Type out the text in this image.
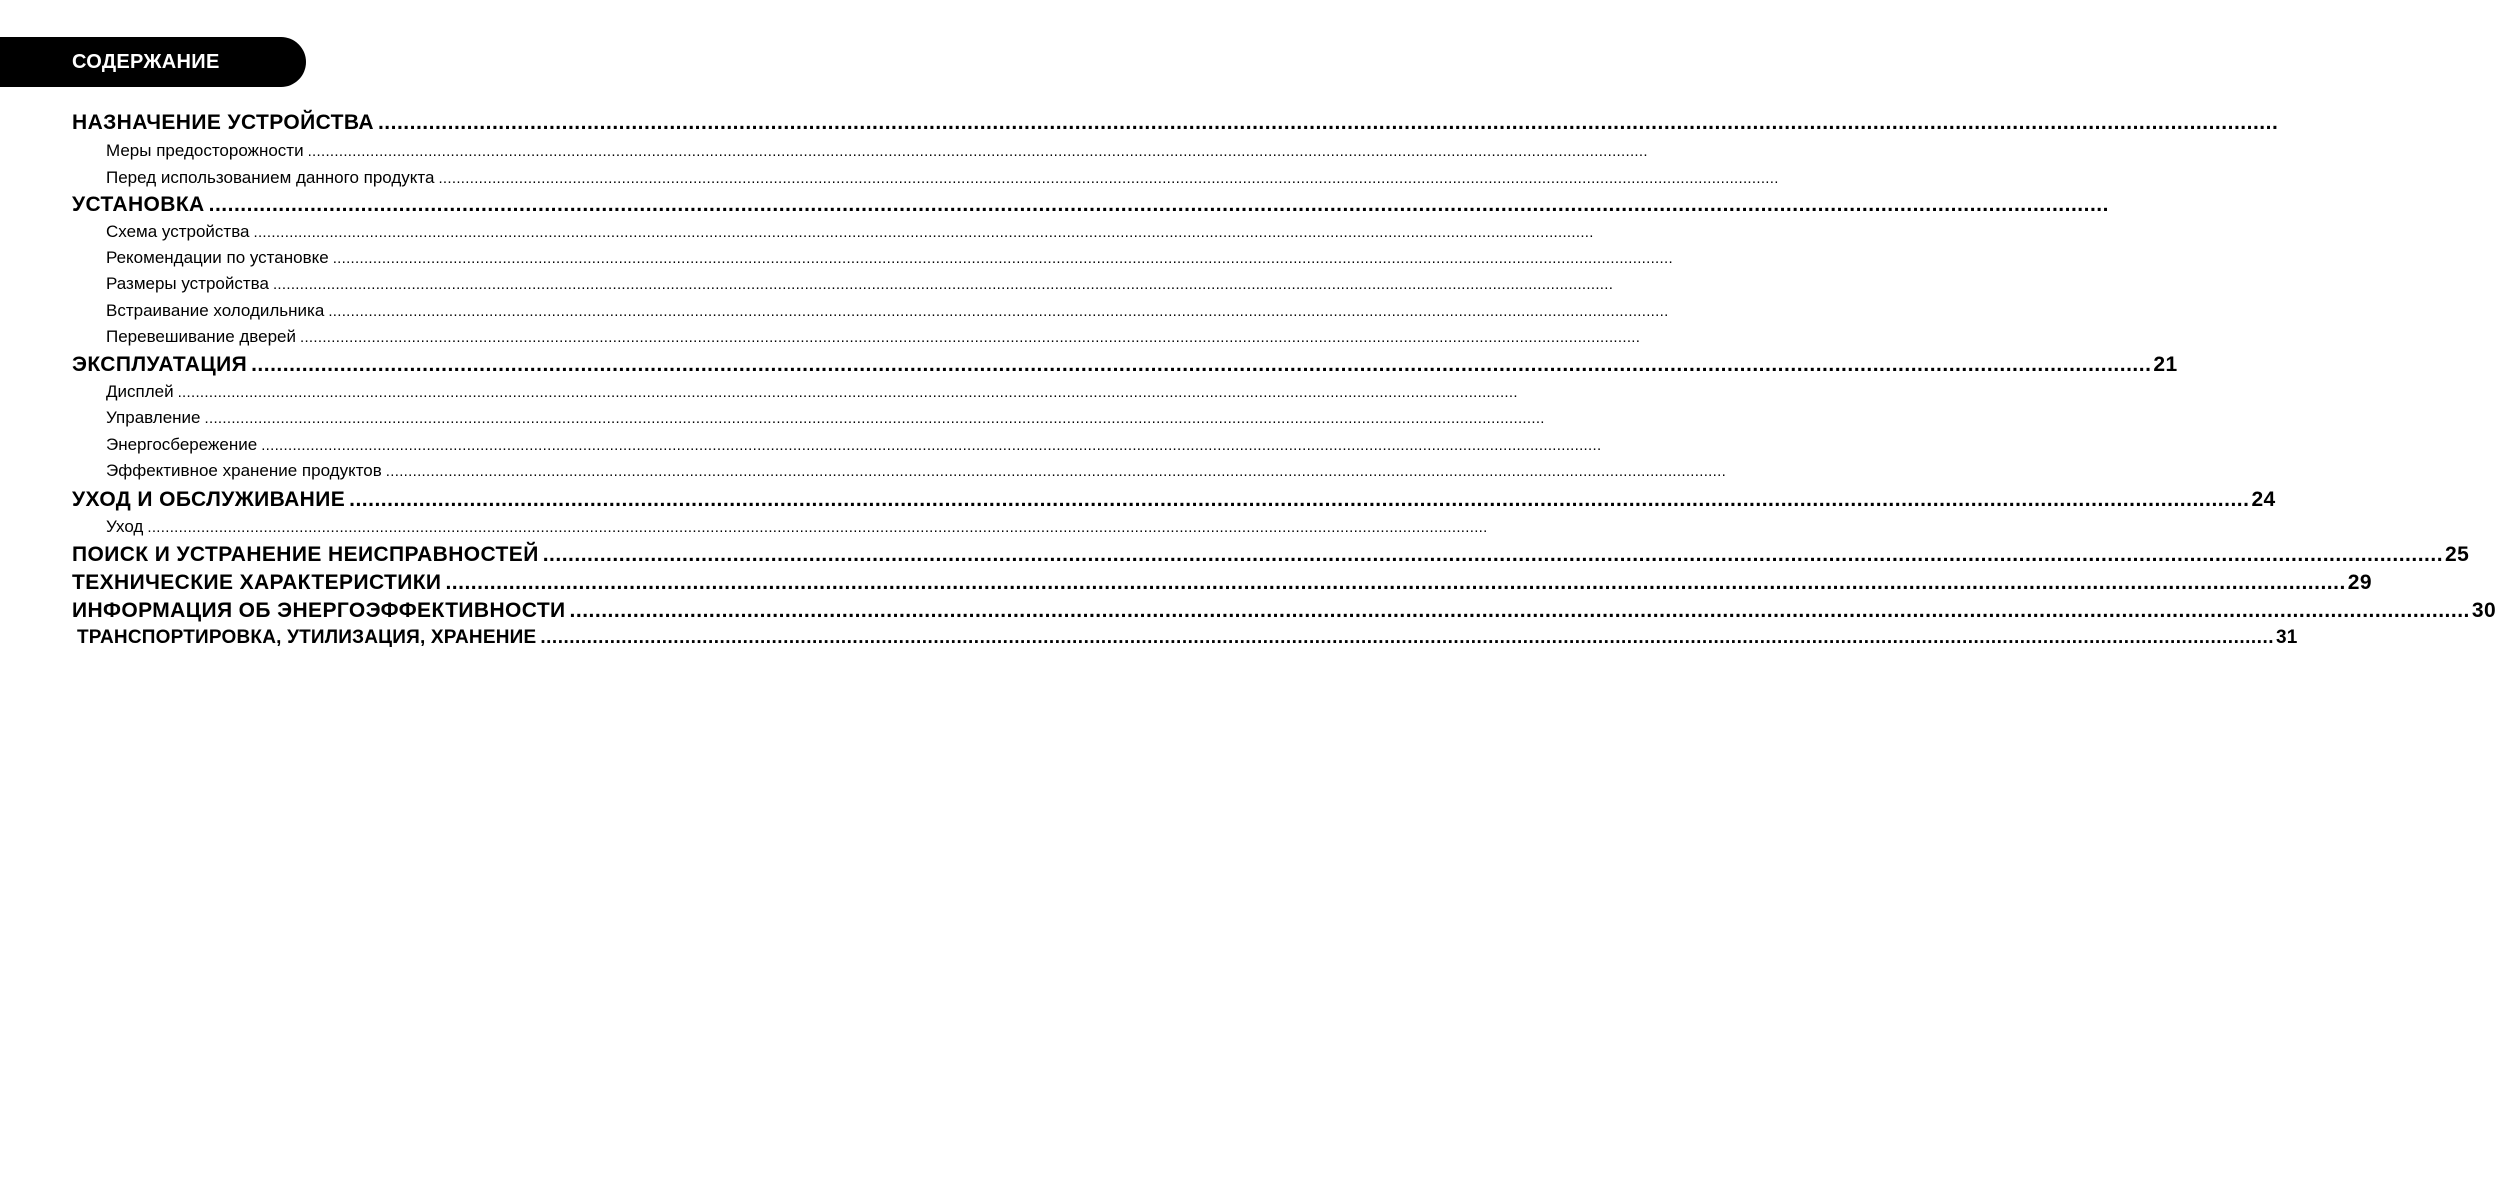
СОДЕРЖАНИЕ
НАЗНАЧЕНИЕ УСТРОЙСТВА ............................................................................................................................................................................................................................................................................................................
Меры предосторожности ............................................................................................................................................................................................................................................................................................................
Перед использованием данного продукта ............................................................................................................................................................................................................................................................................................................
УСТАНОВКА ............................................................................................................................................................................................................................................................................................................
Схема устройства ............................................................................................................................................................................................................................................................................................................
Рекомендации по установке ............................................................................................................................................................................................................................................................................................................
Размеры устройства ............................................................................................................................................................................................................................................................................................................
Встраивание холодильника ............................................................................................................................................................................................................................................................................................................
Перевешивание дверей ............................................................................................................................................................................................................................................................................................................
ЭКСПЛУАТАЦИЯ ............................................................................................................................................................................................................................................................................................................ 21
Дисплей ............................................................................................................................................................................................................................................................................................................
Управление ............................................................................................................................................................................................................................................................................................................
Энергосбережение ............................................................................................................................................................................................................................................................................................................
Эффективное хранение продуктов ............................................................................................................................................................................................................................................................................................................
УХОД И ОБСЛУЖИВАНИЕ ............................................................................................................................................................................................................................................................................................................ 24
Уход ............................................................................................................................................................................................................................................................................................................
ПОИСК И УСТРАНЕНИЕ НЕИСПРАВНОСТЕЙ ............................................................................................................................................................................................................................................................................................................ 25
ТЕХНИЧЕСКИЕ ХАРАКТЕРИСТИКИ ............................................................................................................................................................................................................................................................................................................ 29
ИНФОРМАЦИЯ ОБ ЭНЕРГОЭФФЕКТИВНОСТИ ............................................................................................................................................................................................................................................................................................................ 30
ТРАНСПОРТИРОВКА, УТИЛИЗАЦИЯ, ХРАНЕНИЕ ............................................................................................................................................................................................................................................................................................................ 31
